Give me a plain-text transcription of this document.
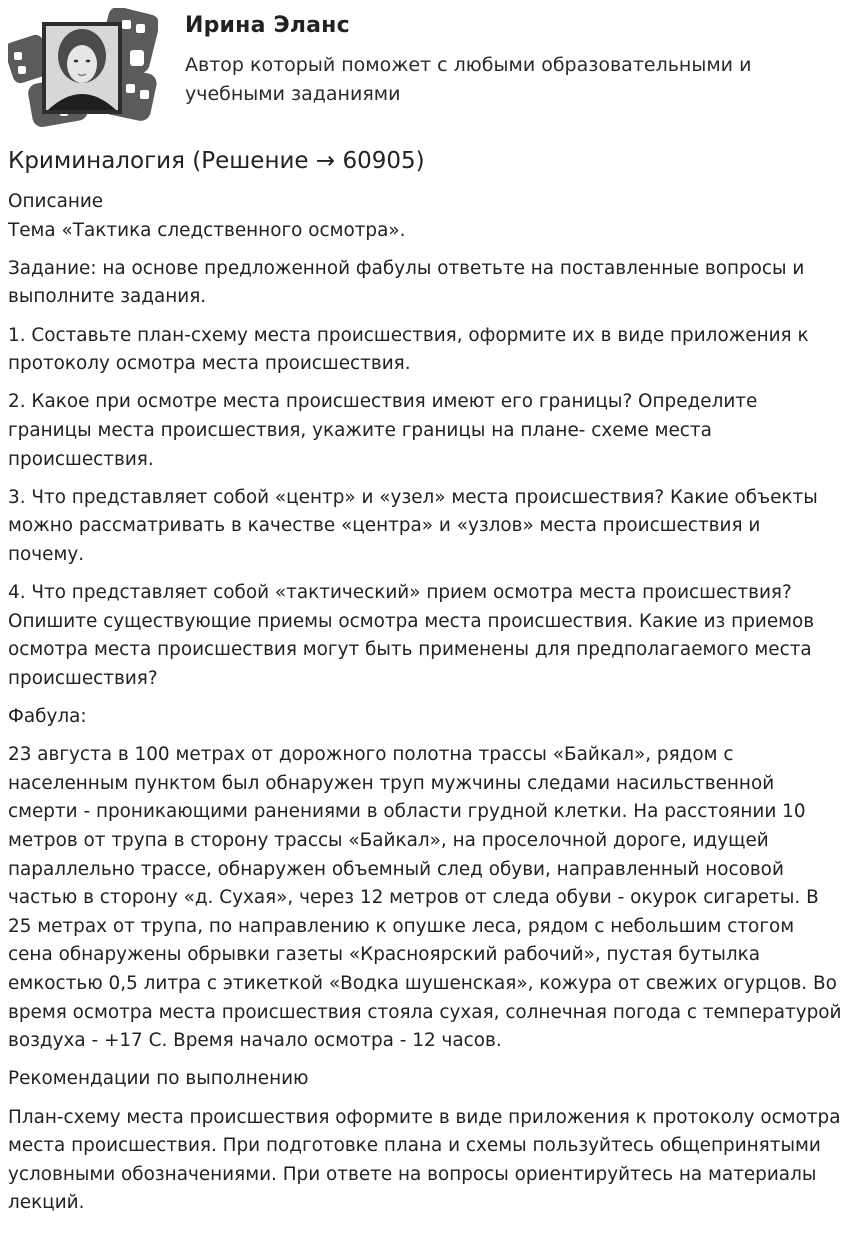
Ирина Эланс
Автор который поможет с любыми образовательными и учебными заданиями
Криминалогия (Решение → 60905)

Описание

Тема «Тактика следственного осмотра».

Задание: на основе предложенной фабулы ответьте на поставленные вопросы и выполните задания.

1. Составьте план-схему места происшествия, оформите их в виде приложения к протоколу осмотра места происшествия.

2. Какое при осмотре места происшествия имеют его границы? Определите границы места происшествия, укажите границы на плане- схеме места происшествия.

3. Что представляет собой «центр» и «узел» места происшествия? Какие объекты можно рассматривать в качестве «центра» и «узлов» места происшествия и почему.

4. Что представляет собой «тактический» прием осмотра места происшествия? Опишите существующие приемы осмотра места происшествия. Какие из приемов осмотра места происшествия могут быть применены для предполагаемого места происшествия?

Фабула:

23 августа в 100 метрах от дорожного полотна трассы «Байкал», рядом с населенным пунктом был обнаружен труп мужчины следами насильственной смерти - проникающими ранениями в области грудной клетки. На расстоянии 10 метров от трупа в сторону трассы «Байкал», на проселочной дороге, идущей параллельно трассе, обнаружен объемный след обуви, направленный носовой частью в сторону «д. Сухая», через 12 метров от следа обуви - окурок сигареты. В 25 метрах от трупа, по направлению к опушке леса, рядом с небольшим стогом сена обнаружены обрывки газеты «Красноярский рабочий», пустая бутылка емкостью 0,5 литра с этикеткой «Водка шушенская», кожура от свежих огурцов. Во время осмотра места происшествия стояла сухая, солнечная погода с температурой воздуха - +17 С. Время начало осмотра - 12 часов.

Рекомендации по выполнению

План-схему места происшествия оформите в виде приложения к протоколу осмотра места происшествия. При подготовке плана и схемы пользуйтесь общепринятыми условными обозначениями. При ответе на вопросы ориентируйтесь на материалы лекций.
